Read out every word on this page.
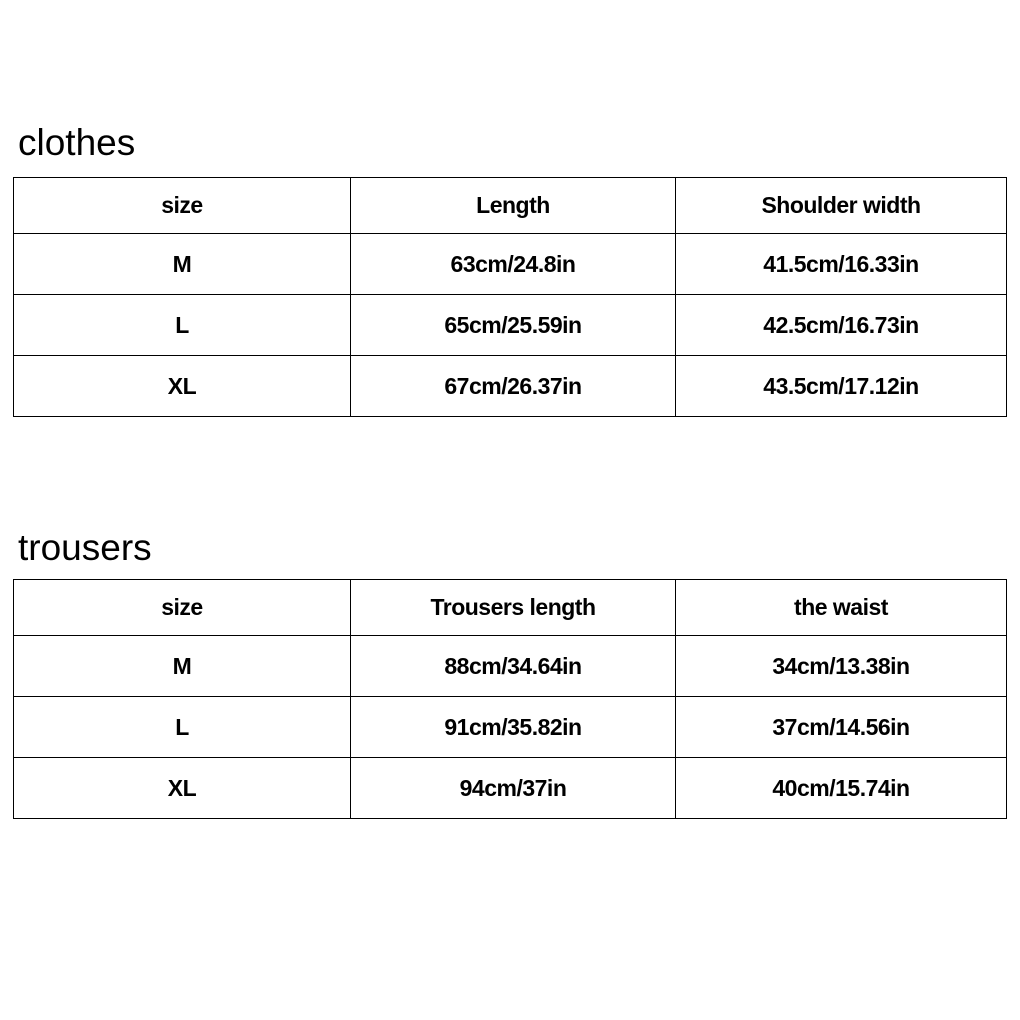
clothes
size	Length	Shoulder width
M	63cm/24.8in	41.5cm/16.33in
L	65cm/25.59in	42.5cm/16.73in
XL	67cm/26.37in	43.5cm/17.12in
trousers
size	Trousers length	the waist
M	88cm/34.64in	34cm/13.38in
L	91cm/35.82in	37cm/14.56in
XL	94cm/37in	40cm/15.74in
